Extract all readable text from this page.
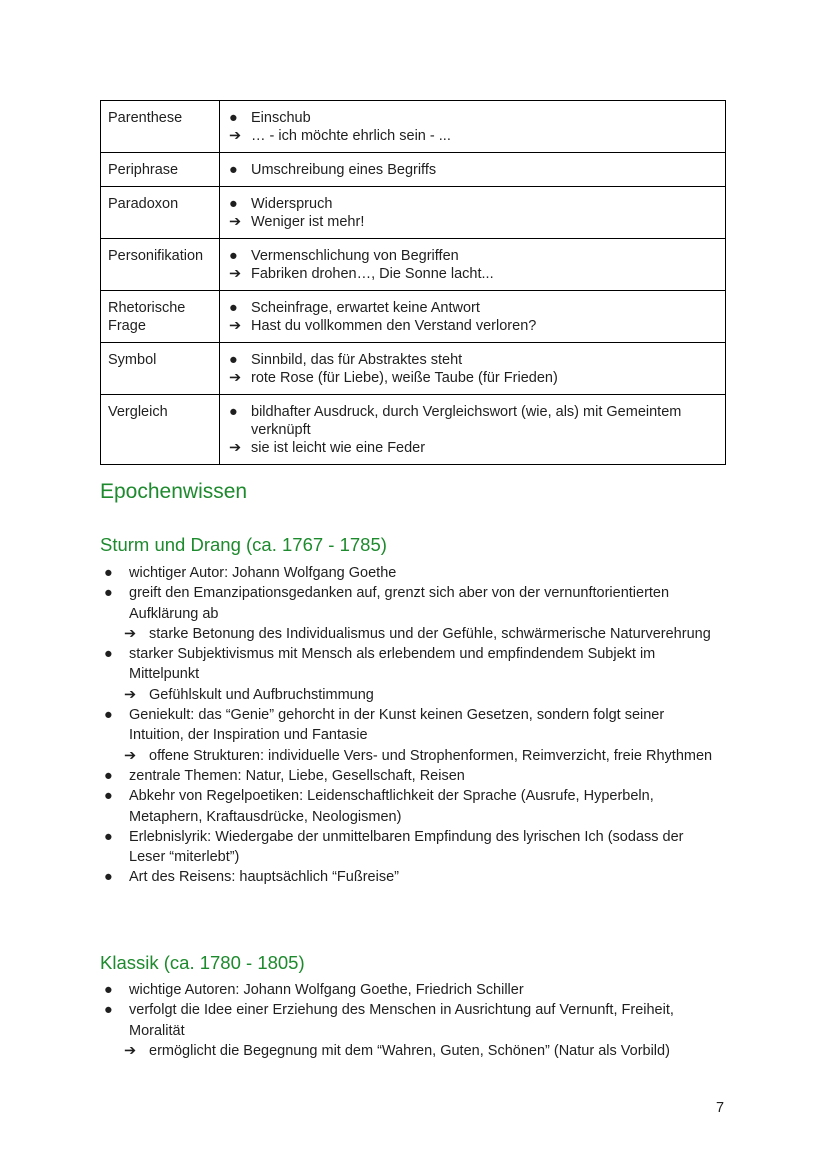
Parenthese	● Einschub
➔ … - ich möchte ehrlich sein - ...

Periphrase	● Umschreibung eines Begriffs

Paradoxon	● Widerspruch
➔ Weniger ist mehr!

Personifikation	● Vermenschlichung von Begriffen
➔ Fabriken drohen…, Die Sonne lacht...

Rhetorische Frage	● Scheinfrage, erwartet keine Antwort
➔ Hast du vollkommen den Verstand verloren?

Symbol	● Sinnbild, das für Abstraktes steht
➔ rote Rose (für Liebe), weiße Taube (für Frieden)

Vergleich	● bildhafter Ausdruck, durch Vergleichswort (wie, als) mit Gemeintem verknüpft
➔ sie ist leicht wie eine Feder
Epochenwissen
Sturm und Drang (ca. 1767 - 1785)
●	wichtiger Autor: Johann Wolfgang Goethe
●	greift den Emanzipationsgedanken auf, grenzt sich aber von der vernunftorientierten Aufklärung ab
➔ starke Betonung des Individualismus und der Gefühle, schwärmerische Naturverehrung
●	starker Subjektivismus mit Mensch als erlebendem und empfindendem Subjekt im Mittelpunkt
➔ Gefühlskult und Aufbruchstimmung
●	Geniekult: das “Genie” gehorcht in der Kunst keinen Gesetzen, sondern folgt seiner Intuition, der Inspiration und Fantasie
➔ offene Strukturen: individuelle Vers- und Strophenformen, Reimverzicht, freie Rhythmen
●	zentrale Themen: Natur, Liebe, Gesellschaft, Reisen
●	Abkehr von Regelpoetiken: Leidenschaftlichkeit der Sprache (Ausrufe, Hyperbeln, Metaphern, Kraftausdrücke, Neologismen)
●	Erlebnislyrik: Wiedergabe der unmittelbaren Empfindung des lyrischen Ich (sodass der Leser “miterlebt”)
●	Art des Reisens: hauptsächlich “Fußreise”
Klassik (ca. 1780 - 1805)
●	wichtige Autoren: Johann Wolfgang Goethe, Friedrich Schiller
●	verfolgt die Idee einer Erziehung des Menschen in Ausrichtung auf Vernunft, Freiheit, Moralität
➔ ermöglicht die Begegnung mit dem “Wahren, Guten, Schönen” (Natur als Vorbild)
7
